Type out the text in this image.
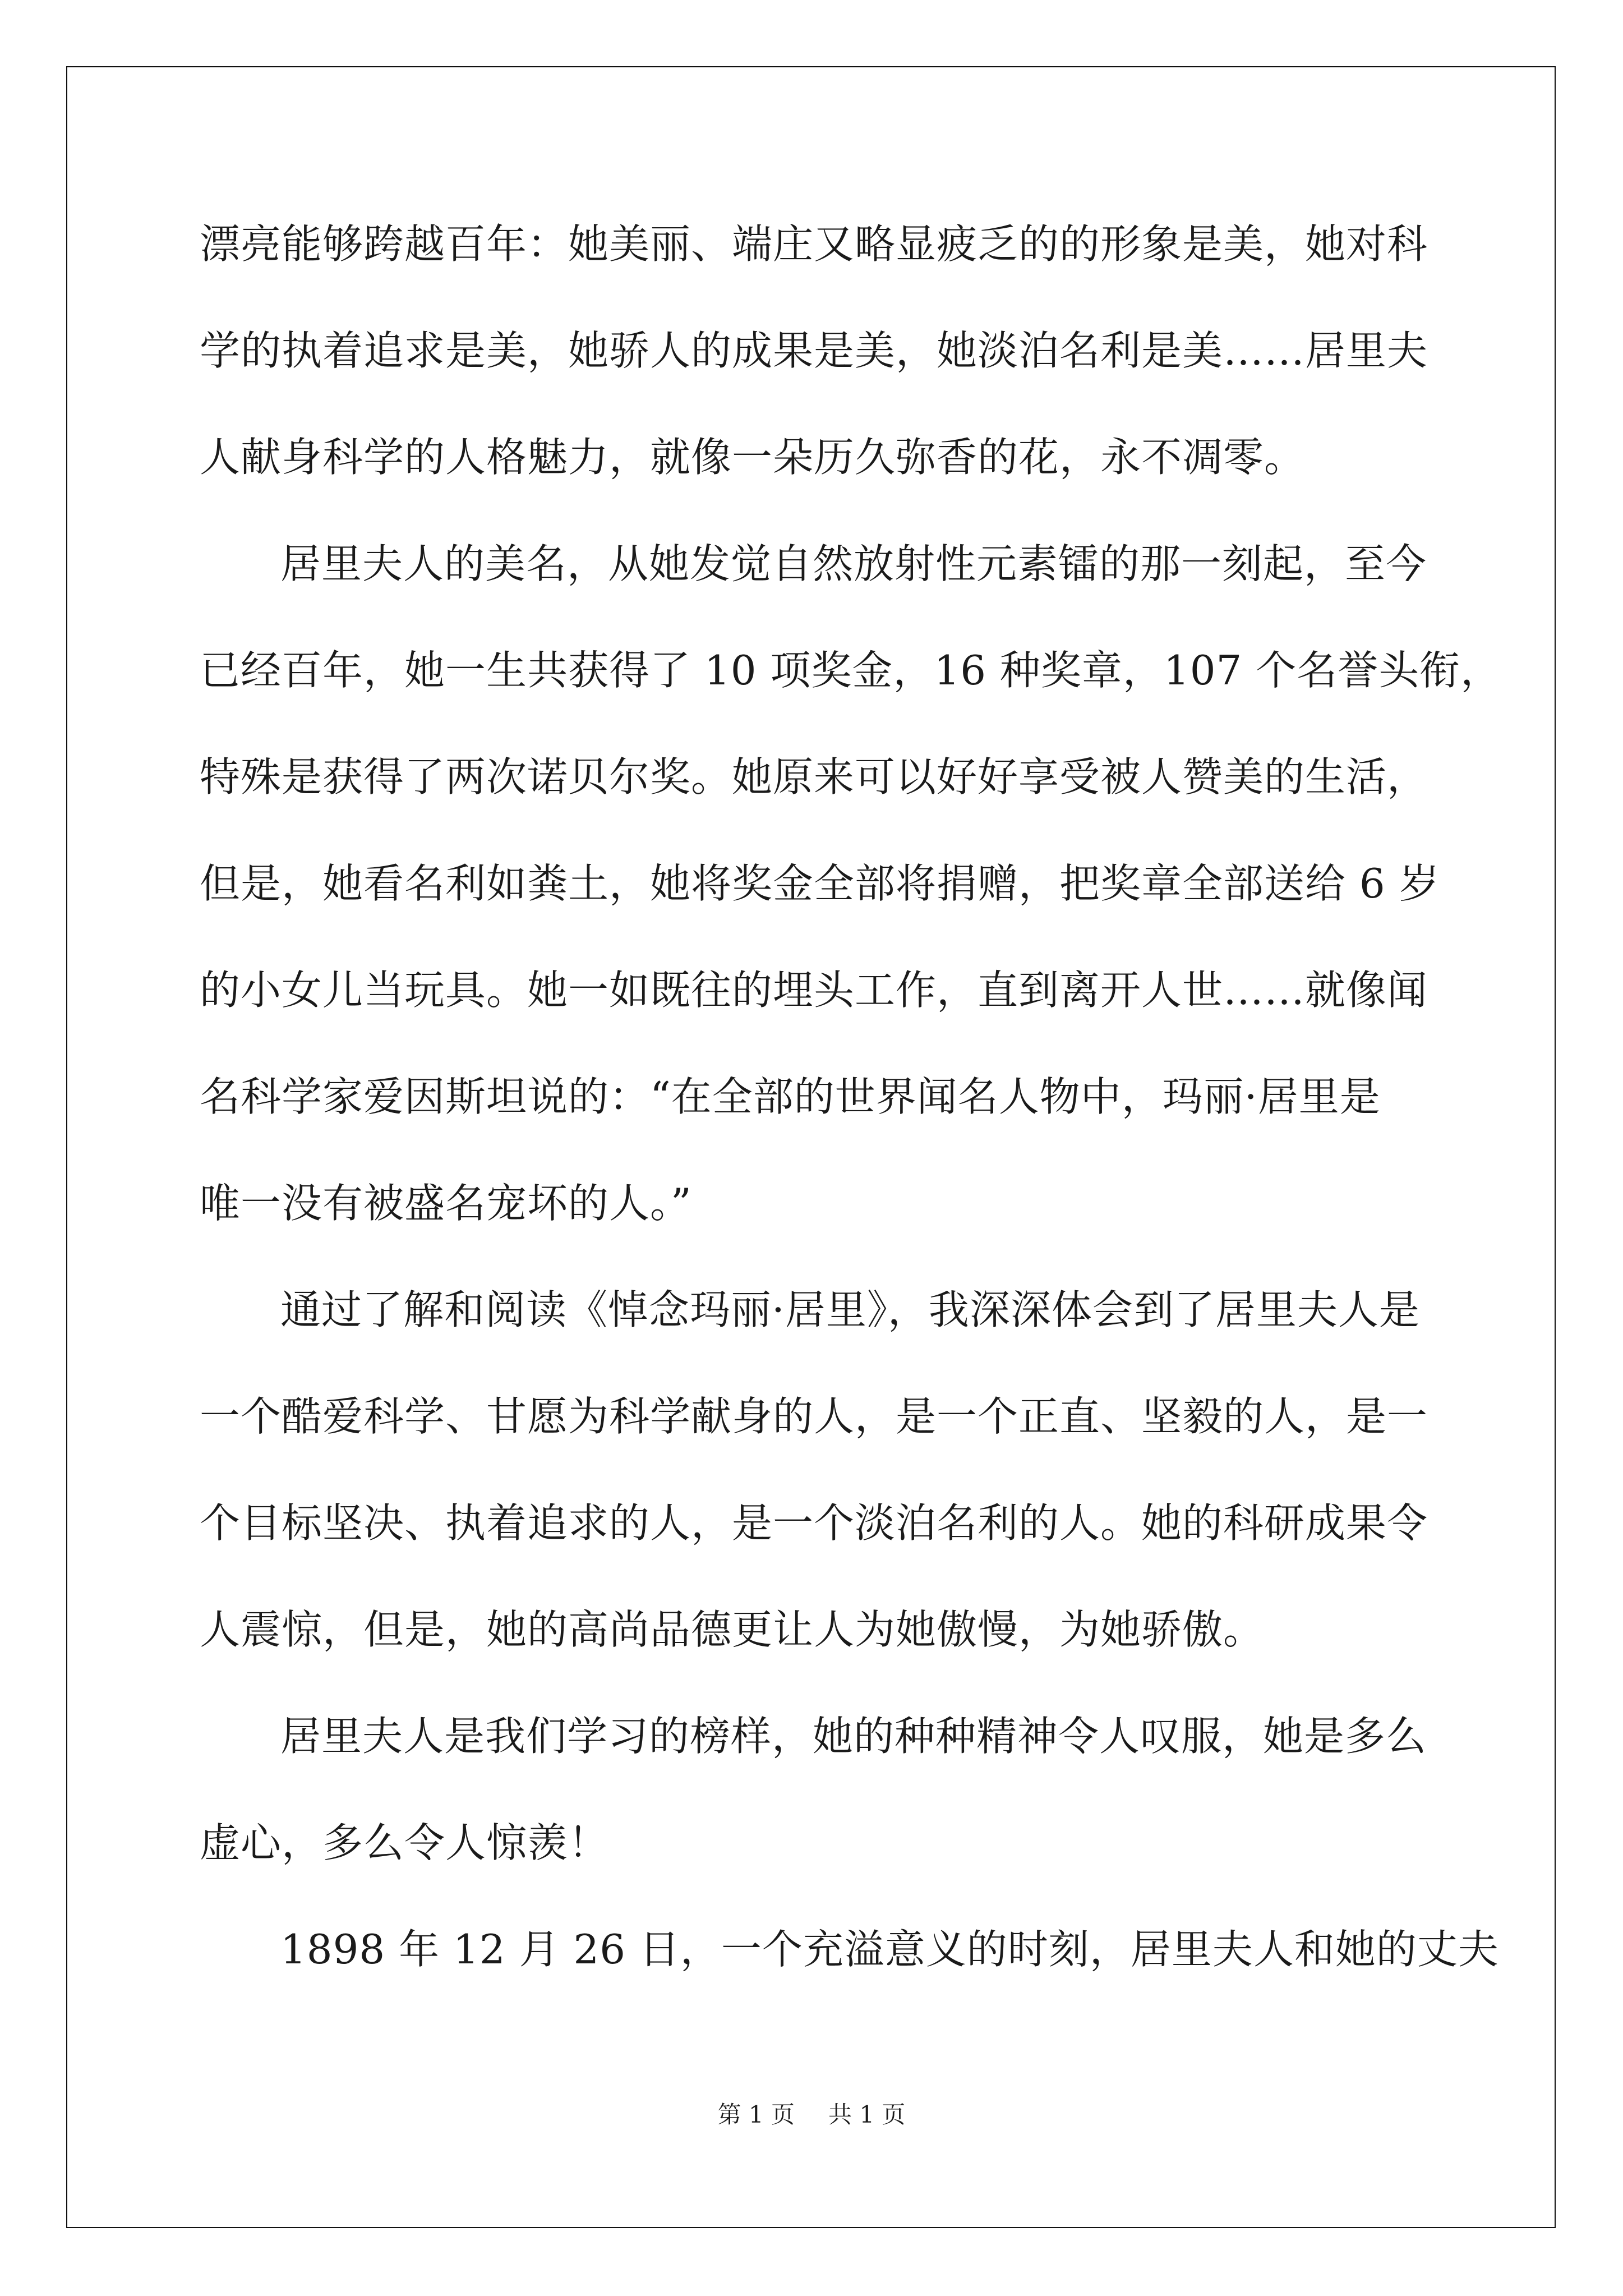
漂亮能够跨越百年：她美丽、端庄又略显疲乏的的形象是美，她对科

学的执着追求是美，她骄人的成果是美，她淡泊名利是美……居里夫

人献身科学的人格魅力，就像一朵历久弥香的花，永不凋零。

居里夫人的美名，从她发觉自然放射性元素镭的那一刻起，至今

已经百年，她一生共获得了 10 项奖金，16 种奖章，107 个名誉头衔，

特殊是获得了两次诺贝尔奖。她原来可以好好享受被人赞美的生活，

但是，她看名利如粪土，她将奖金全部将捐赠，把奖章全部送给 6 岁

的小女儿当玩具。她一如既往的埋头工作，直到离开人世……就像闻

名科学家爱因斯坦说的：“在全部的世界闻名人物中，玛丽·居里是

唯一没有被盛名宠坏的人。”

通过了解和阅读《悼念玛丽·居里》，我深深体会到了居里夫人是

一个酷爱科学、甘愿为科学献身的人，是一个正直、坚毅的人，是一

个目标坚决、执着追求的人，是一个淡泊名利的人。她的科研成果令

人震惊，但是，她的高尚品德更让人为她傲慢，为她骄傲。

居里夫人是我们学习的榜样，她的种种精神令人叹服，她是多么

虚心，多么令人惊羡！

1898 年 12 月 26 日，一个充溢意义的时刻，居里夫人和她的丈夫

第 1 页 共 1 页
